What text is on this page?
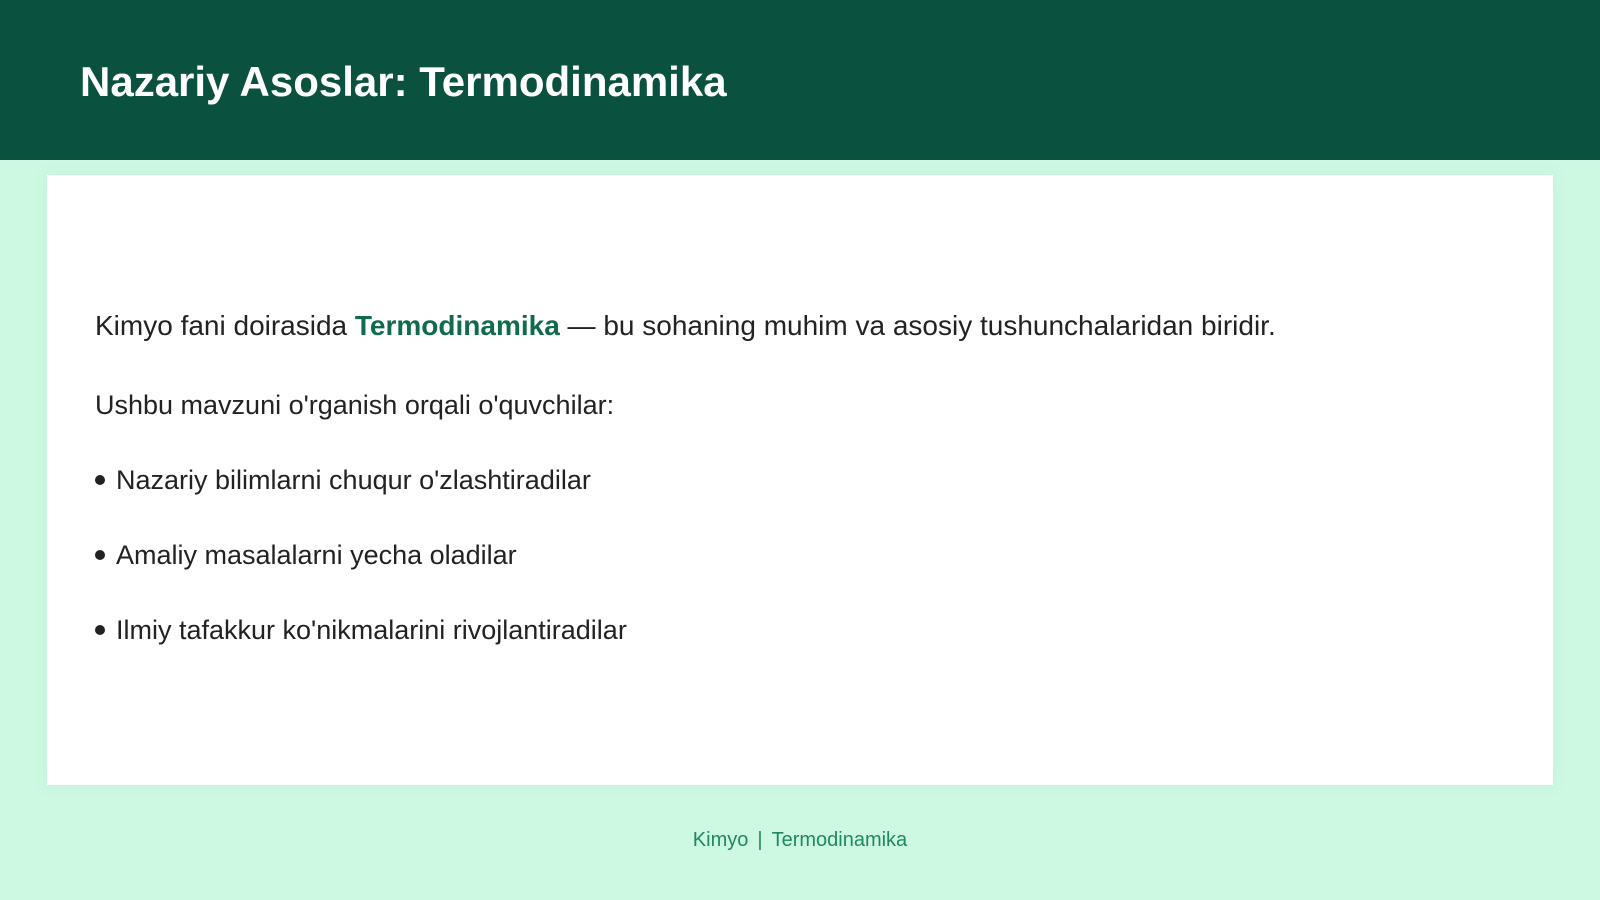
Nazariy Asoslar: Termodinamika

Kimyo fani doirasida Termodinamika — bu sohaning muhim va asosiy tushunchalaridan biridir.

Ushbu mavzuni o'rganish orqali o'quvchilar:

Nazariy bilimlarni chuqur o'zlashtiradilar
Amaliy masalalarni yecha oladilar
Ilmiy tafakkur ko'nikmalarini rivojlantiradilar
Kimyo | Termodinamika
